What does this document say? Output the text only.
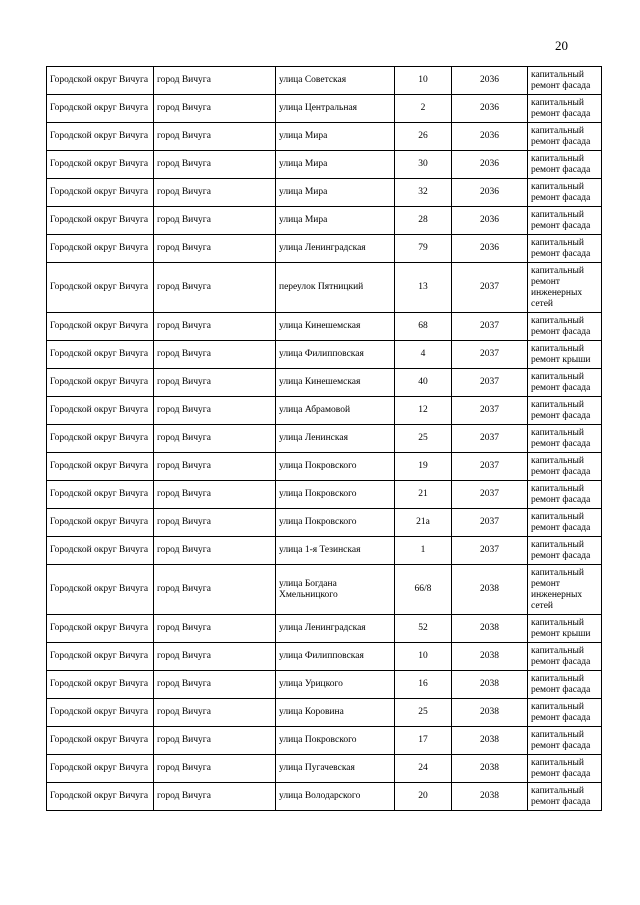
20
Городской округ Вичуга	город Вичуга	улица Советская	10	2036	капитальный ремонт фасада
Городской округ Вичуга	город Вичуга	улица Центральная	2	2036	капитальный ремонт фасада
Городской округ Вичуга	город Вичуга	улица Мира	26	2036	капитальный ремонт фасада
Городской округ Вичуга	город Вичуга	улица Мира	30	2036	капитальный ремонт фасада
Городской округ Вичуга	город Вичуга	улица Мира	32	2036	капитальный ремонт фасада
Городской округ Вичуга	город Вичуга	улица Мира	28	2036	капитальный ремонт фасада
Городской округ Вичуга	город Вичуга	улица Ленинградская	79	2036	капитальный ремонт фасада
Городской округ Вичуга	город Вичуга	переулок Пятницкий	13	2037	капитальный ремонт инженерных сетей
Городской округ Вичуга	город Вичуга	улица Кинешемская	68	2037	капитальный ремонт фасада
Городской округ Вичуга	город Вичуга	улица Филипповская	4	2037	капитальный ремонт крыши
Городской округ Вичуга	город Вичуга	улица Кинешемская	40	2037	капитальный ремонт фасада
Городской округ Вичуга	город Вичуга	улица Абрамовой	12	2037	капитальный ремонт фасада
Городской округ Вичуга	город Вичуга	улица Ленинская	25	2037	капитальный ремонт фасада
Городской округ Вичуга	город Вичуга	улица Покровского	19	2037	капитальный ремонт фасада
Городской округ Вичуга	город Вичуга	улица Покровского	21	2037	капитальный ремонт фасада
Городской округ Вичуга	город Вичуга	улица Покровского	21а	2037	капитальный ремонт фасада
Городской округ Вичуга	город Вичуга	улица 1-я Тезинская	1	2037	капитальный ремонт фасада
Городской округ Вичуга	город Вичуга	улица Богдана Хмельницкого	66/8	2038	капитальный ремонт инженерных сетей
Городской округ Вичуга	город Вичуга	улица Ленинградская	52	2038	капитальный ремонт крыши
Городской округ Вичуга	город Вичуга	улица Филипповская	10	2038	капитальный ремонт фасада
Городской округ Вичуга	город Вичуга	улица Урицкого	16	2038	капитальный ремонт фасада
Городской округ Вичуга	город Вичуга	улица Коровина	25	2038	капитальный ремонт фасада
Городской округ Вичуга	город Вичуга	улица Покровского	17	2038	капитальный ремонт фасада
Городской округ Вичуга	город Вичуга	улица Пугачевская	24	2038	капитальный ремонт фасада
Городской округ Вичуга	город Вичуга	улица Володарского	20	2038	капитальный ремонт фасада
